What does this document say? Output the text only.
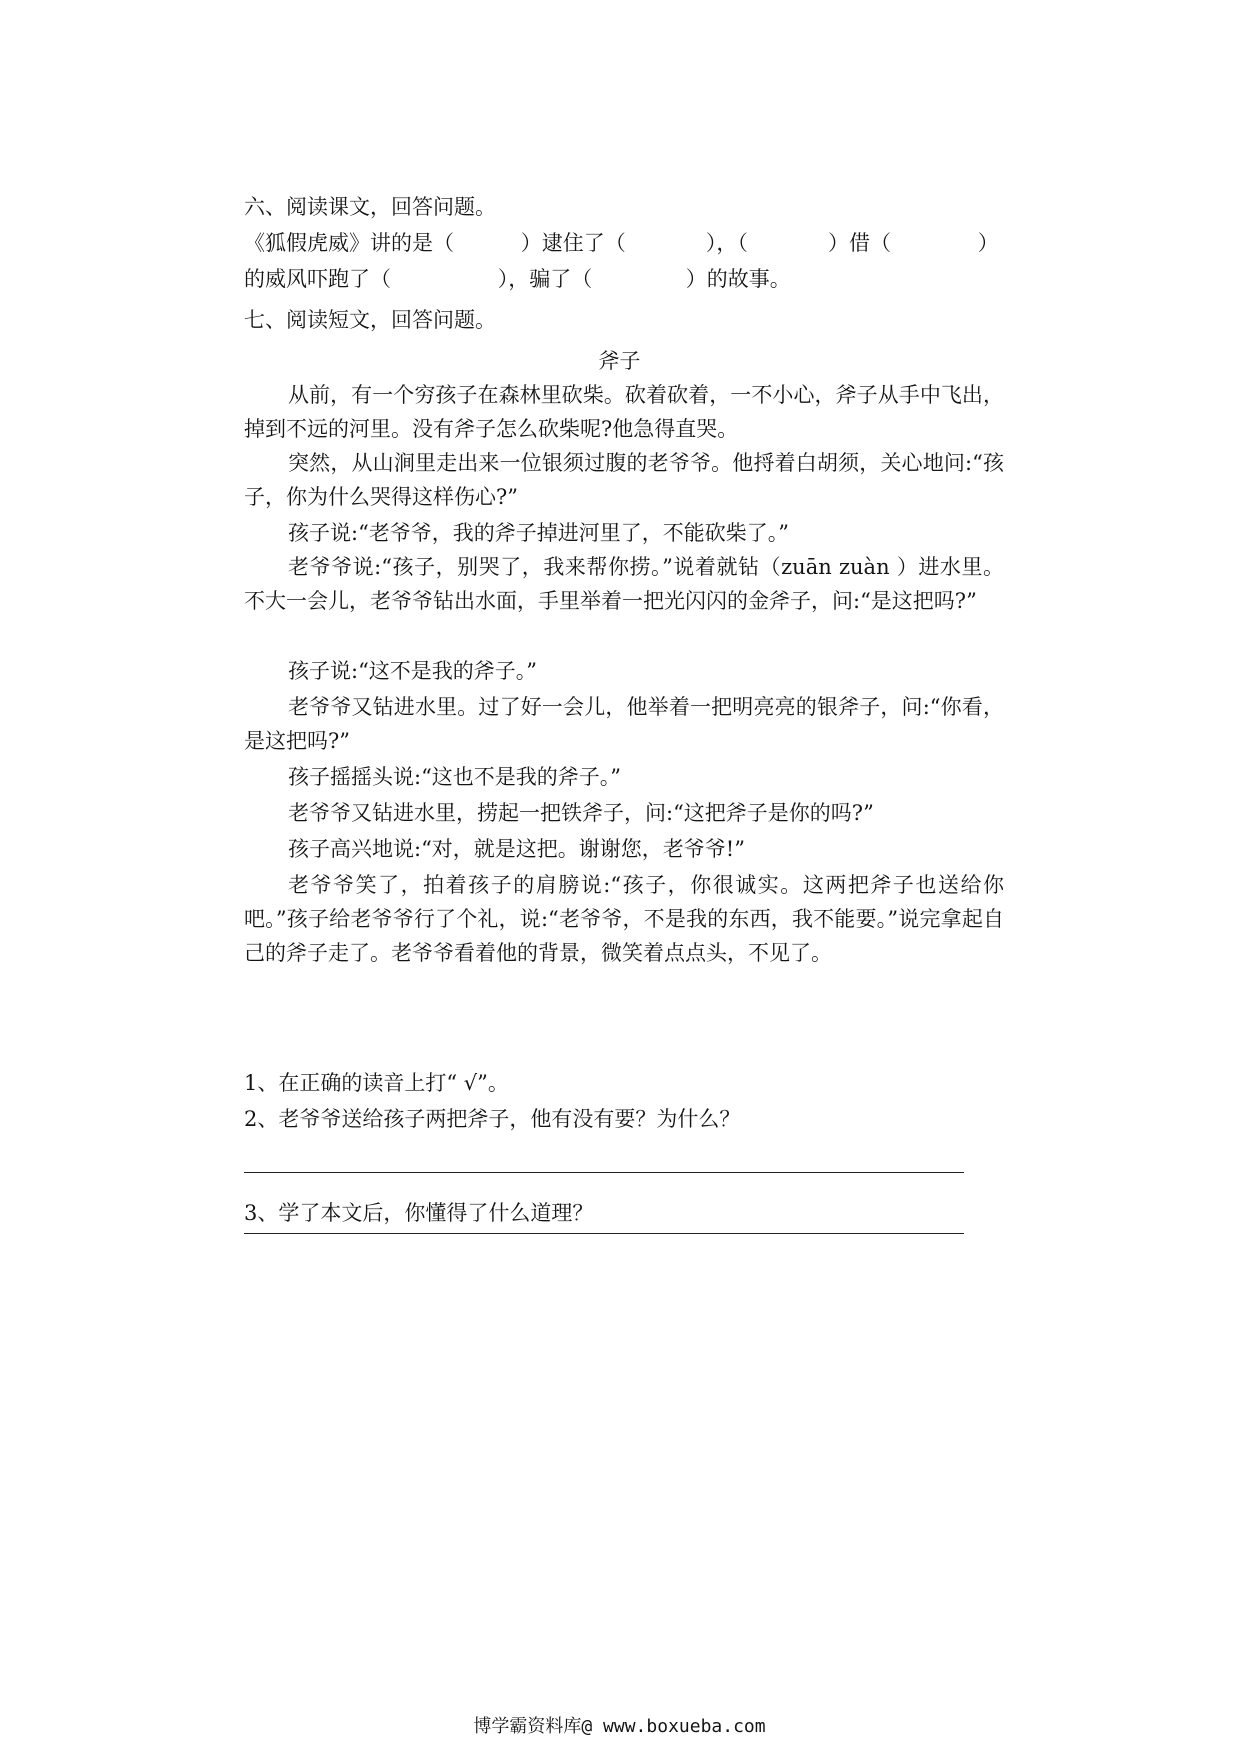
六、阅读课文，回答问题。
《狐假虎威》讲的是（          ）逮住了（            ），（            ）借（             ）
的威风吓跑了（                ），骗了（              ）的故事。
七、阅读短文，回答问题。
斧子
从前，有一个穷孩子在森林里砍柴。砍着砍着，一不小心，斧子从手中飞出，掉到不远的河里。没有斧子怎么砍柴呢?他急得直哭。
突然，从山涧里走出来一位银须过腹的老爷爷。他捋着白胡须，关心地问:“孩子，你为什么哭得这样伤心?”
孩子说:“老爷爷，我的斧子掉进河里了，不能砍柴了。”
老爷爷说:“孩子，别哭了，我来帮你捞。”说着就钻（zuān zuàn ）进水里。不大一会儿，老爷爷钻出水面，手里举着一把光闪闪的金斧子，问:“是这把吗?”
孩子说:“这不是我的斧子。”
老爷爷又钻进水里。过了好一会儿，他举着一把明亮亮的银斧子，问:“你看，是这把吗?”
孩子摇摇头说:“这也不是我的斧子。”
老爷爷又钻进水里，捞起一把铁斧子，问:“这把斧子是你的吗?”
孩子高兴地说:“对，就是这把。谢谢您，老爷爷!”
老爷爷笑了，拍着孩子的肩膀说:“孩子，你很诚实。这两把斧子也送给你吧。”孩子给老爷爷行了个礼，说:“老爷爷，不是我的东西，我不能要。”说完拿起自己的斧子走了。老爷爷看着他的背景，微笑着点点头，不见了。
1、在正确的读音上打“ √”。
2、老爷爷送给孩子两把斧子，他有没有要？为什么？
3、学了本文后，你懂得了什么道理？
博学霸资料库@ www.boxueba.com
